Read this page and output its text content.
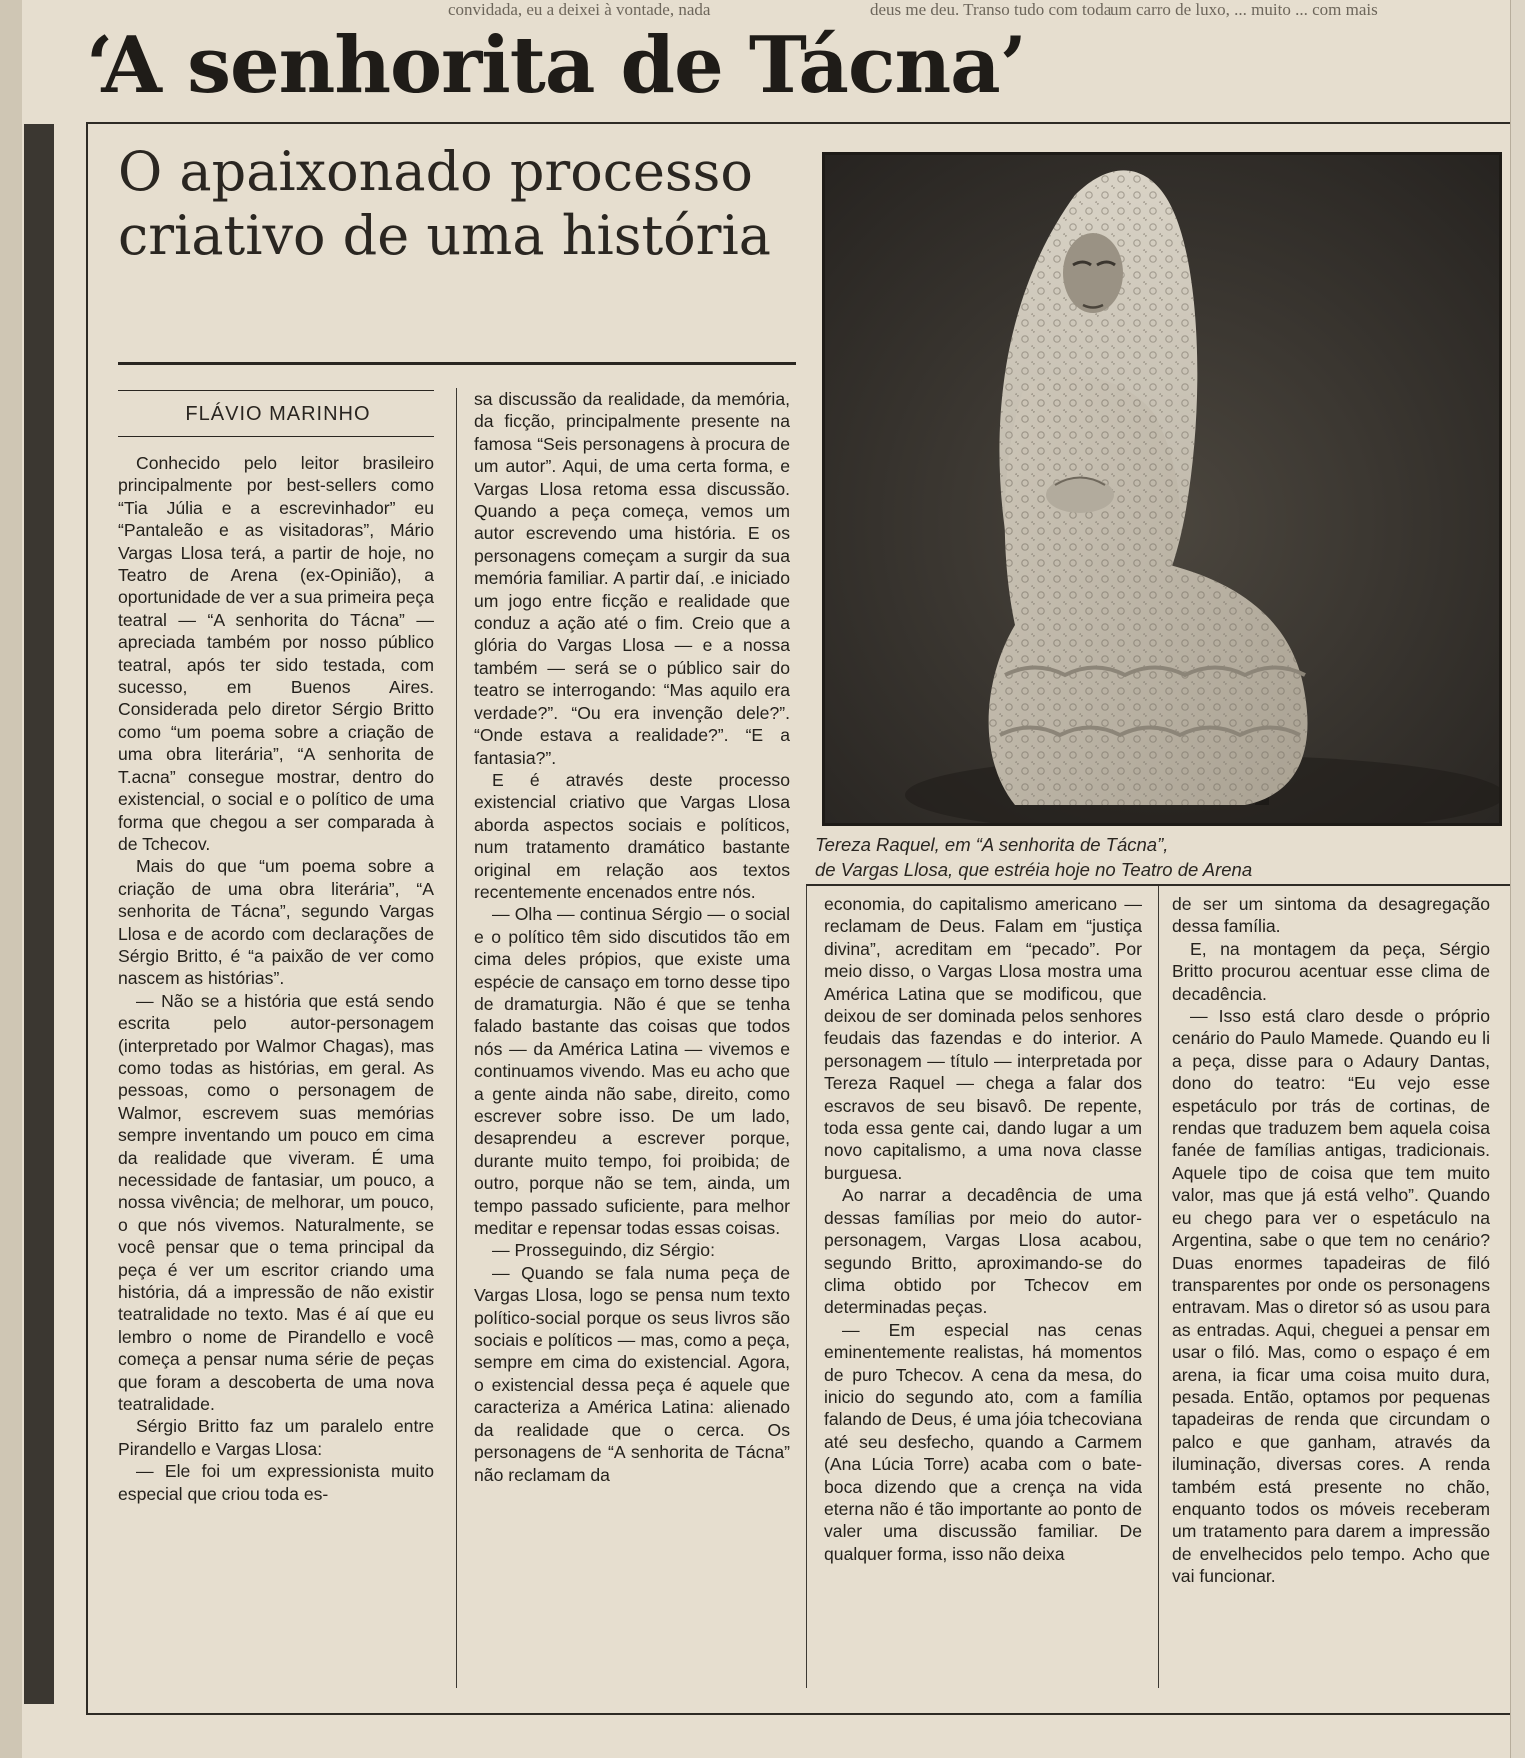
convidada, eu a deixei à vontade, nada	deus me deu. Transo tudo com toda
um carro de luxo, ... muito ... com mais
‘A senhorita de Tácna’
O apaixonado processo criativo de uma história
FLÁVIO MARINHO

Conhecido pelo leitor brasileiro principalmente por best-sellers como “Tia Júlia e a escrevinhador” eu “Pantaleão e as visitadoras”, Mário Vargas Llosa terá, a partir de hoje, no Teatro de Arena (ex-Opinião), a oportunidade de ver a sua primeira peça teatral — “A senhorita do Tácna” — apreciada também por nosso público teatral, após ter sido testada, com sucesso, em Buenos Aires. Considerada pelo diretor Sérgio Britto como “um poema sobre a criação de uma obra literária”, “A senhorita de T.acna” consegue mostrar, dentro do existencial, o social e o político de uma forma que chegou a ser comparada à de Tchecov.

Mais do que “um poema sobre a criação de uma obra literária”, “A senhorita de Tácna”, segundo Vargas Llosa e de acordo com declarações de Sérgio Britto, é “a paixão de ver como nascem as histórias”.

— Não se a história que está sendo escrita pelo autor-personagem (interpretado por Walmor Chagas), mas como todas as histórias, em geral. As pessoas, como o personagem de Walmor, escrevem suas memórias sempre inventando um pouco em cima da realidade que viveram. É uma necessidade de fantasiar, um pouco, a nossa vivência; de melhorar, um pouco, o que nós vivemos. Naturalmente, se você pensar que o tema principal da peça é ver um escritor criando uma história, dá a impressão de não existir teatralidade no texto. Mas é aí que eu lembro o nome de Pirandello e você começa a pensar numa série de peças que foram a descoberta de uma nova teatralidade.

Sérgio Britto faz um paralelo entre Pirandello e Vargas Llosa:

— Ele foi um expressionista muito especial que criou toda es-

sa discussão da realidade, da memória, da ficção, principalmente presente na famosa “Seis personagens à procura de um autor”. Aqui, de uma certa forma, e Vargas Llosa retoma essa discussão. Quando a peça começa, vemos um autor escrevendo uma história. E os personagens começam a surgir da sua memória familiar. A partir daí, .e iniciado um jogo entre ficção e realidade que conduz a ação até o fim. Creio que a glória do Vargas Llosa — e a nossa também — será se o público sair do teatro se interrogando: “Mas aquilo era verdade?”. “Ou era invenção dele?”. “Onde estava a realidade?”. “E a fantasia?”.

E é através deste processo existencial criativo que Vargas Llosa aborda aspectos sociais e políticos, num tratamento dramático bastante original em relação aos textos recentemente encenados entre nós.

— Olha — continua Sérgio — o social e o político têm sido discutidos tão em cima deles própios, que existe uma espécie de cansaço em torno desse tipo de dramaturgia. Não é que se tenha falado bastante das coisas que todos nós — da América Latina — vivemos e continuamos vivendo. Mas eu acho que a gente ainda não sabe, direito, como escrever sobre isso. De um lado, desaprendeu a escrever porque, durante muito tempo, foi proibida; de outro, porque não se tem, ainda, um tempo passado suficiente, para melhor meditar e repensar todas essas coisas.

— Prosseguindo, diz Sérgio:

— Quando se fala numa peça de Vargas Llosa, logo se pensa num texto político-social porque os seus livros são sociais e políticos — mas, como a peça, sempre em cima do existencial. Agora, o existencial dessa peça é aquele que caracteriza a América Latina: alienado da realidade que o cerca. Os personagens de “A senhorita de Tácna” não reclamam da

Tereza Raquel, em “A senhorita de Tácna”,
de Vargas Llosa, que estréia hoje no Teatro de Arena

economia, do capitalismo americano — reclamam de Deus. Falam em “justiça divina”, acreditam em “pecado”. Por meio disso, o Vargas Llosa mostra uma América Latina que se modificou, que deixou de ser dominada pelos senhores feudais das fazendas e do interior. A personagem — título — interpretada por Tereza Raquel — chega a falar dos escravos de seu bisavô. De repente, toda essa gente cai, dando lugar a um novo capitalismo, a uma nova classe burguesa.

Ao narrar a decadência de uma dessas famílias por meio do autor-personagem, Vargas Llosa acabou, segundo Britto, aproximando-se do clima obtido por Tchecov em determinadas peças.

— Em especial nas cenas eminentemente realistas, há momentos de puro Tchecov. A cena da mesa, do inicio do segundo ato, com a família falando de Deus, é uma jóia tchecoviana até seu desfecho, quando a Carmem (Ana Lúcia Torre) acaba com o bate-boca dizendo que a crença na vida eterna não é tão importante ao ponto de valer uma discussão familiar. De qualquer forma, isso não deixa

de ser um sintoma da desagregação dessa família.

E, na montagem da peça, Sérgio Britto procurou acentuar esse clima de decadência.

— Isso está claro desde o próprio cenário do Paulo Mamede. Quando eu li a peça, disse para o Adaury Dantas, dono do teatro: “Eu vejo esse espetáculo por trás de cortinas, de rendas que traduzem bem aquela coisa fanée de famílias antigas, tradicionais. Aquele tipo de coisa que tem muito valor, mas que já está velho”. Quando eu chego para ver o espetáculo na Argentina, sabe o que tem no cenário? Duas enormes tapadeiras de filó transparentes por onde os personagens entravam. Mas o diretor só as usou para as entradas. Aqui, cheguei a pensar em usar o filó. Mas, como o espaço é em arena, ia ficar uma coisa muito dura, pesada. Então, optamos por pequenas tapadeiras de renda que circundam o palco e que ganham, através da iluminação, diversas cores. A renda também está presente no chão, enquanto todos os móveis receberam um tratamento para darem a impressão de envelhecidos pelo tempo. Acho que vai funcionar.
